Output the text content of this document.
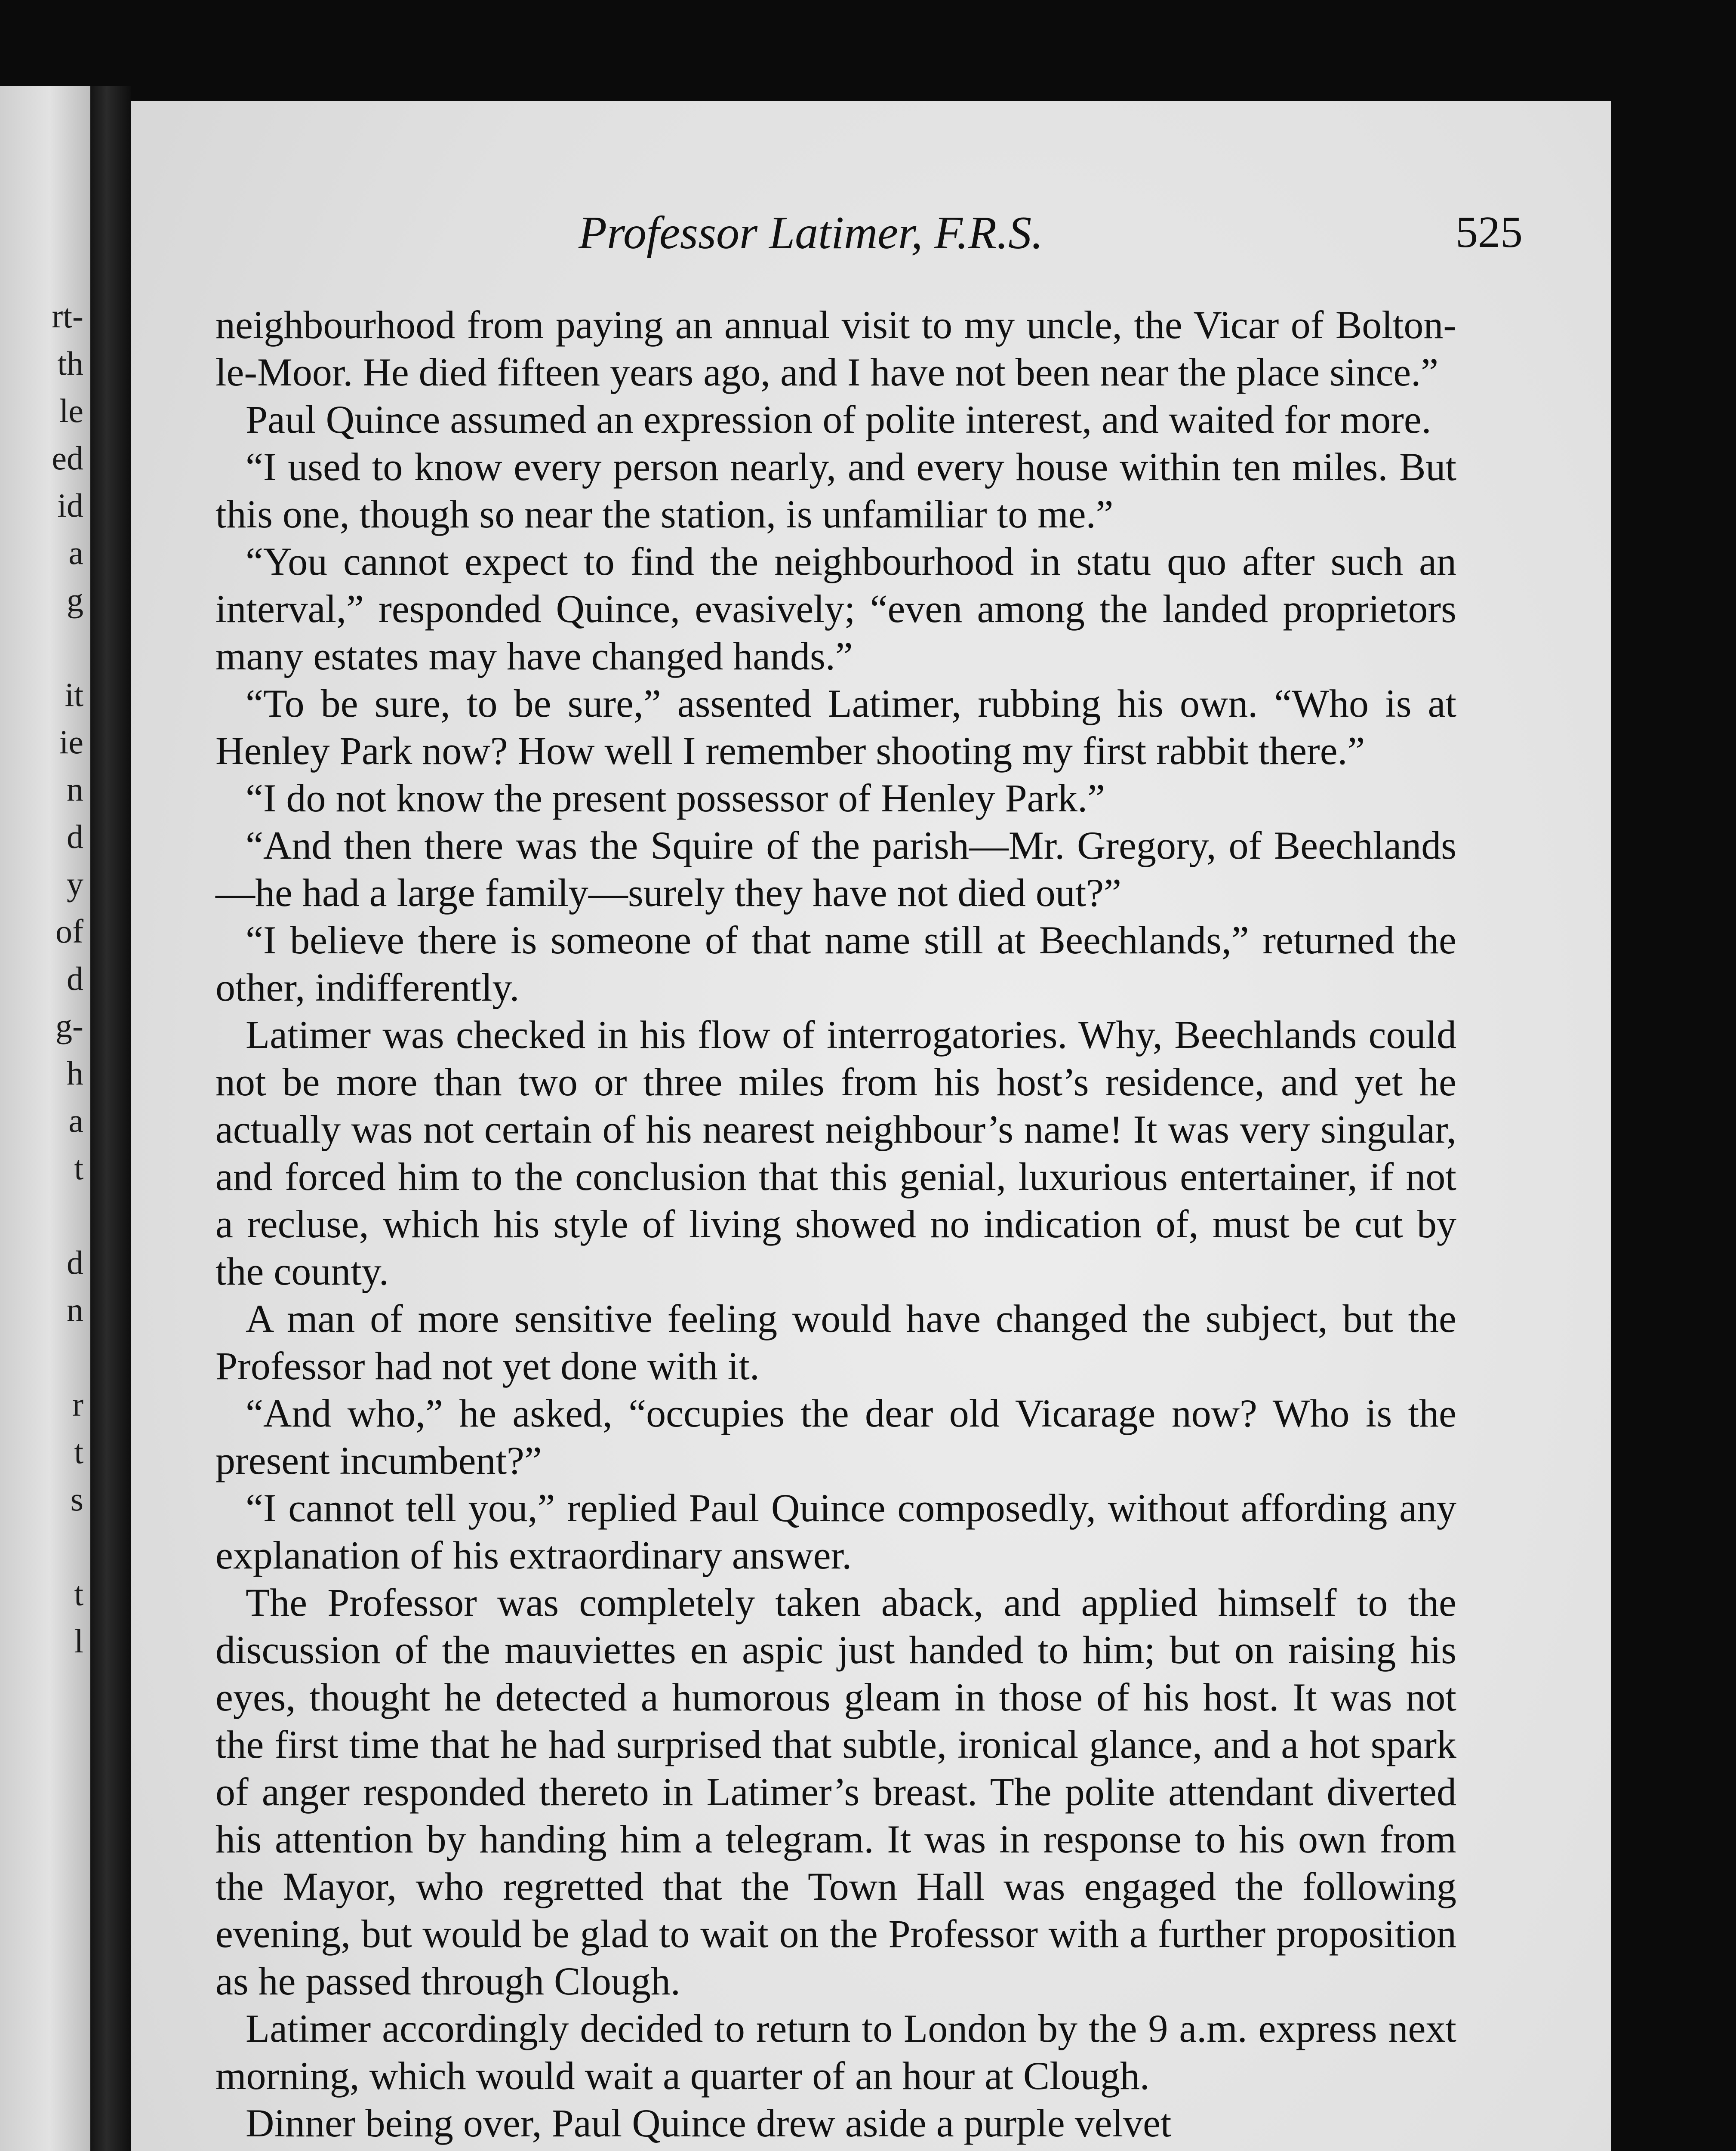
rt-
th
le
ed
id
a
g
it
ie
n
d
y
of
d
g-
h
a
t
d
n
r
t
s
t
l
Professor Latimer, F.R.S.	525

neighbourhood from paying an annual visit to my uncle, the Vicar of Bolton-le-Moor. He died fifteen years ago, and I have not been near the place since.”

Paul Quince assumed an expression of polite interest, and waited for more.

“I used to know every person nearly, and every house within ten miles. But this one, though so near the station, is unfamiliar to me.”

“You cannot expect to find the neighbourhood in statu quo after such an interval,” responded Quince, evasively; “even among the landed proprietors many estates may have changed hands.”

“To be sure, to be sure,” assented Latimer, rubbing his own. “Who is at Henley Park now? How well I remember shooting my first rabbit there.”

“I do not know the present possessor of Henley Park.”

“And then there was the Squire of the parish—Mr. Gregory, of Beechlands—he had a large family—surely they have not died out?”

“I believe there is someone of that name still at Beechlands,” returned the other, indifferently.

Latimer was checked in his flow of interrogatories. Why, Beechlands could not be more than two or three miles from his host’s residence, and yet he actually was not certain of his nearest neighbour’s name! It was very singular, and forced him to the conclusion that this genial, luxurious entertainer, if not a recluse, which his style of living showed no indication of, must be cut by the county.

A man of more sensitive feeling would have changed the subject, but the Professor had not yet done with it.

“And who,” he asked, “occupies the dear old Vicarage now? Who is the present incumbent?”

“I cannot tell you,” replied Paul Quince composedly, without affording any explanation of his extraordinary answer.

The Professor was completely taken aback, and applied himself to the discussion of the mauviettes en aspic just handed to him; but on raising his eyes, thought he detected a humorous gleam in those of his host. It was not the first time that he had surprised that subtle, ironical glance, and a hot spark of anger responded thereto in Latimer’s breast. The polite attendant diverted his attention by handing him a telegram. It was in response to his own from the Mayor, who regretted that the Town Hall was engaged the following evening, but would be glad to wait on the Professor with a further proposition as he passed through Clough.

Latimer accordingly decided to return to London by the 9 a.m. express next morning, which would wait a quarter of an hour at Clough.

Dinner being over, Paul Quince drew aside a purple velvet
